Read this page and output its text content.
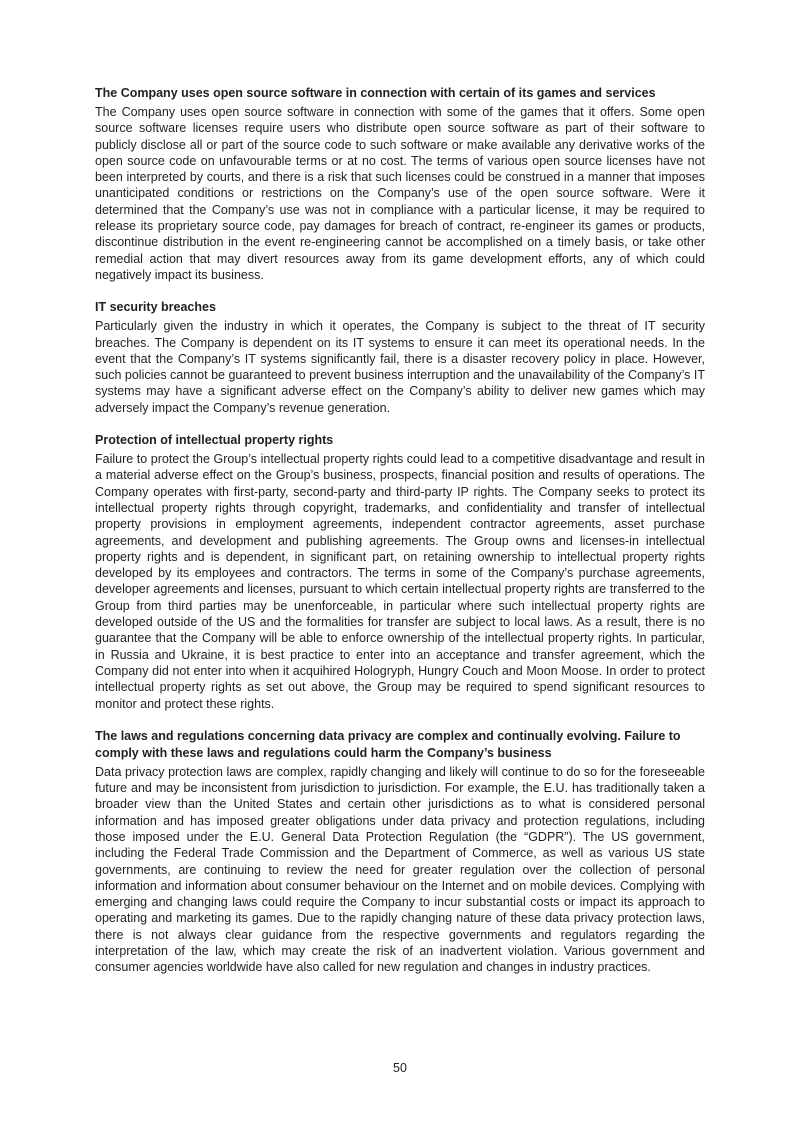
The Company uses open source software in connection with certain of its games and services

The Company uses open source software in connection with some of the games that it offers. Some open source software licenses require users who distribute open source software as part of their software to publicly disclose all or part of the source code to such software or make available any derivative works of the open source code on unfavourable terms or at no cost. The terms of various open source licenses have not been interpreted by courts, and there is a risk that such licenses could be construed in a manner that imposes unanticipated conditions or restrictions on the Company’s use of the open source software. Were it determined that the Company’s use was not in compliance with a particular license, it may be required to release its proprietary source code, pay damages for breach of contract, re-engineer its games or products, discontinue distribution in the event re-engineering cannot be accomplished on a timely basis, or take other remedial action that may divert resources away from its game development efforts, any of which could negatively impact its business.

IT security breaches

Particularly given the industry in which it operates, the Company is subject to the threat of IT security breaches. The Company is dependent on its IT systems to ensure it can meet its operational needs. In the event that the Company’s IT systems significantly fail, there is a disaster recovery policy in place. However, such policies cannot be guaranteed to prevent business interruption and the unavailability of the Company’s IT systems may have a significant adverse effect on the Company’s ability to deliver new games which may adversely impact the Company’s revenue generation.

Protection of intellectual property rights

Failure to protect the Group’s intellectual property rights could lead to a competitive disadvantage and result in a material adverse effect on the Group’s business, prospects, financial position and results of operations. The Company operates with first-party, second-party and third-party IP rights. The Company seeks to protect its intellectual property rights through copyright, trademarks, and confidentiality and transfer of intellectual property provisions in employment agreements, independent contractor agreements, asset purchase agreements, and development and publishing agreements. The Group owns and licenses-in intellectual property rights and is dependent, in significant part, on retaining ownership to intellectual property rights developed by its employees and contractors. The terms in some of the Company’s purchase agreements, developer agreements and licenses, pursuant to which certain intellectual property rights are transferred to the Group from third parties may be unenforceable, in particular where such intellectual property rights are developed outside of the US and the formalities for transfer are subject to local laws. As a result, there is no guarantee that the Company will be able to enforce ownership of the intellectual property rights. In particular, in Russia and Ukraine, it is best practice to enter into an acceptance and transfer agreement, which the Company did not enter into when it acquihired Hologryph, Hungry Couch and Moon Moose. In order to protect intellectual property rights as set out above, the Group may be required to spend significant resources to monitor and protect these rights.

The laws and regulations concerning data privacy are complex and continually evolving. Failure to comply with these laws and regulations could harm the Company’s business

Data privacy protection laws are complex, rapidly changing and likely will continue to do so for the foreseeable future and may be inconsistent from jurisdiction to jurisdiction. For example, the E.U. has traditionally taken a broader view than the United States and certain other jurisdictions as to what is considered personal information and has imposed greater obligations under data privacy and protection regulations, including those imposed under the E.U. General Data Protection Regulation (the “GDPR”). The US government, including the Federal Trade Commission and the Department of Commerce, as well as various US state governments, are continuing to review the need for greater regulation over the collection of personal information and information about consumer behaviour on the Internet and on mobile devices. Complying with emerging and changing laws could require the Company to incur substantial costs or impact its approach to operating and marketing its games. Due to the rapidly changing nature of these data privacy protection laws, there is not always clear guidance from the respective governments and regulators regarding the interpretation of the law, which may create the risk of an inadvertent violation. Various government and consumer agencies worldwide have also called for new regulation and changes in industry practices.

50
